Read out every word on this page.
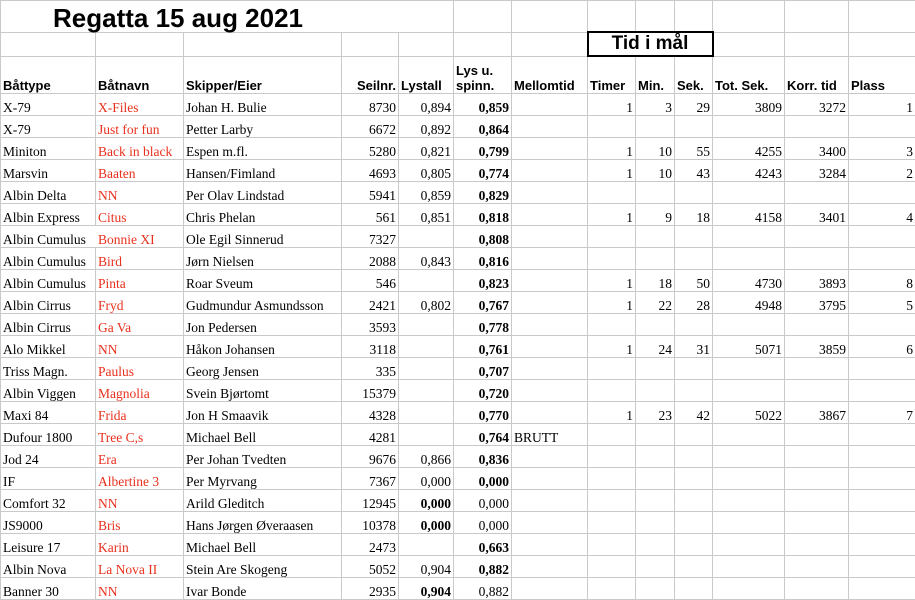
Regatta 15 aug 2021												
							Tid i mål					
Båttype	Båtnavn	Skipper/Eier	Seilnr.	Lystall	Lys u. spinn.	Mellomtid	Timer	Min.	Sek.	Tot. Sek.	Korr. tid	Plass
X-79	X-Files	Johan H. Bulie	8730	0,894	0,859		1	3	29	3809	3272	1
X-79	Just for fun	Petter Larby	6672	0,892	0,864							
Miniton	Back in black	Espen m.fl.	5280	0,821	0,799		1	10	55	4255	3400	3
Marsvin	Baaten	Hansen/Fimland	4693	0,805	0,774		1	10	43	4243	3284	2
Albin Delta	NN	Per Olav Lindstad	5941	0,859	0,829							
Albin Express	Citus	Chris Phelan	561	0,851	0,818		1	9	18	4158	3401	4
Albin Cumulus	Bonnie XI	Ole Egil Sinnerud	7327		0,808							
Albin Cumulus	Bird	Jørn Nielsen	2088	0,843	0,816							
Albin Cumulus	Pinta	Roar Sveum	546		0,823		1	18	50	4730	3893	8
Albin Cirrus	Fryd	Gudmundur Asmundsson	2421	0,802	0,767		1	22	28	4948	3795	5
Albin Cirrus	Ga Va	Jon Pedersen	3593		0,778							
Alo Mikkel	NN	Håkon Johansen	3118		0,761		1	24	31	5071	3859	6
Triss Magn.	Paulus	Georg Jensen	335		0,707							
Albin Viggen	Magnolia	Svein Bjørtomt	15379		0,720							
Maxi 84	Frida	Jon H Smaavik	4328		0,770		1	23	42	5022	3867	7
Dufour 1800	Tree C,s	Michael Bell	4281		0,764	BRUTT						
Jod 24	Era	Per Johan Tvedten	9676	0,866	0,836							
IF	Albertine 3	Per Myrvang	7367	0,000	0,000							
Comfort 32	NN	Arild Gleditch	12945	0,000	0,000							
JS9000	Bris	Hans Jørgen Øveraasen	10378	0,000	0,000							
Leisure 17	Karin	Michael Bell	2473		0,663							
Albin Nova	La Nova II	Stein Are Skogeng	5052	0,904	0,882							
Banner 30	NN	Ivar Bonde	2935	0,904	0,882							
